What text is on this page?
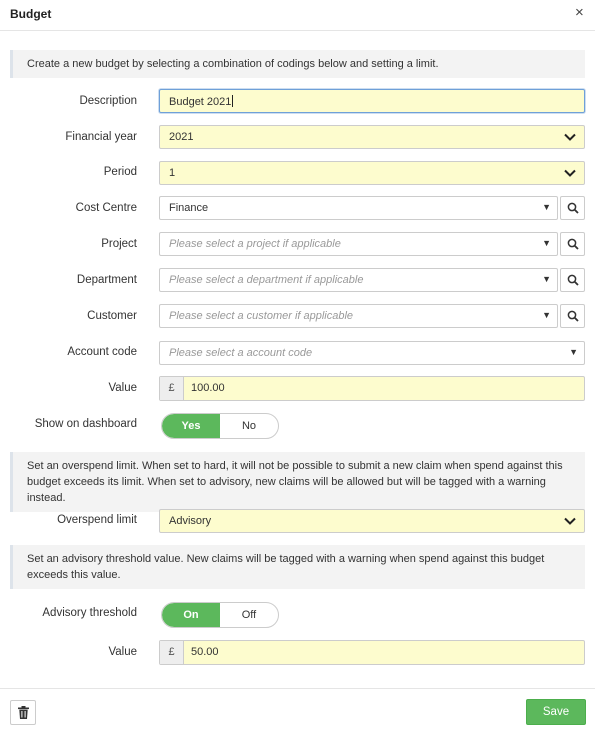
Budget	×
Create a new budget by selecting a combination of codings below and setting a limit.
Description	Budget 2021
Financial year	2021
Period	1
Cost Centre	Finance	▼
Project	Please select a project if applicable	▼
Department	Please select a department if applicable	▼
Customer	Please select a customer if applicable	▼
Account code	Please select a account code	▼
Value	£	100.00
Show on dashboard	Yes	No
Set an overspend limit. When set to hard, it will not be possible to submit a new claim when spend against this budget exceeds its limit. When set to advisory, new claims will be allowed but will be tagged with a warning instead.
Overspend limit	Advisory
Set an advisory threshold value. New claims will be tagged with a warning when spend against this budget exceeds this value.
Advisory threshold	On	Off
Value	£	50.00
Save
